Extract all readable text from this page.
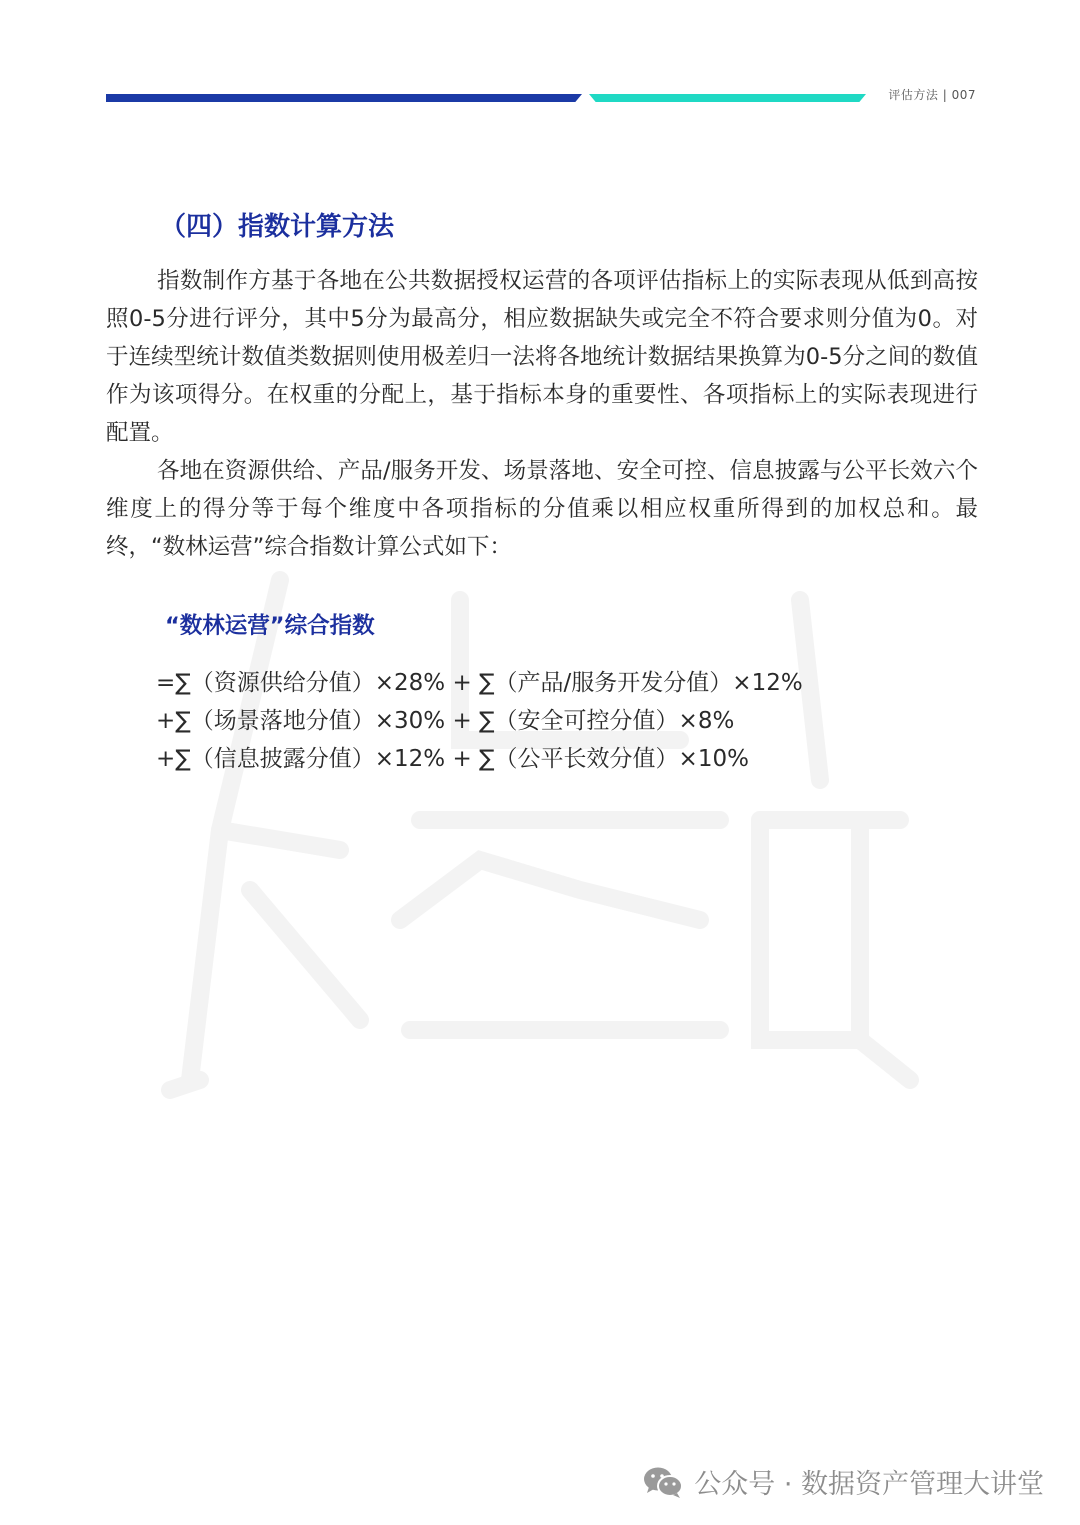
评估方法 | 007
（四）指数计算方法

指数制作方基于各地在公共数据授权运营的各项评估指标上的实际表现从低到高按照0-5分进行评分，其中5分为最高分，相应数据缺失或完全不符合要求则分值为0。对于连续型统计数值类数据则使用极差归一法将各地统计数据结果换算为0-5分之间的数值作为该项得分。在权重的分配上，基于指标本身的重要性、各项指标上的实际表现进行配置。

各地在资源供给、产品/服务开发、场景落地、安全可控、信息披露与公平长效六个维度上的得分等于每个维度中各项指标的分值乘以相应权重所得到的加权总和。最终，“数林运营”综合指数计算公式如下：

“数林运营”综合指数
=∑（资源供给分值）×28% + ∑（产品/服务开发分值）×12%
+∑（场景落地分值）×30% + ∑（安全可控分值）×8%
+∑（信息披露分值）×12% + ∑（公平长效分值）×10%
公众号 · 数据资产管理大讲堂
